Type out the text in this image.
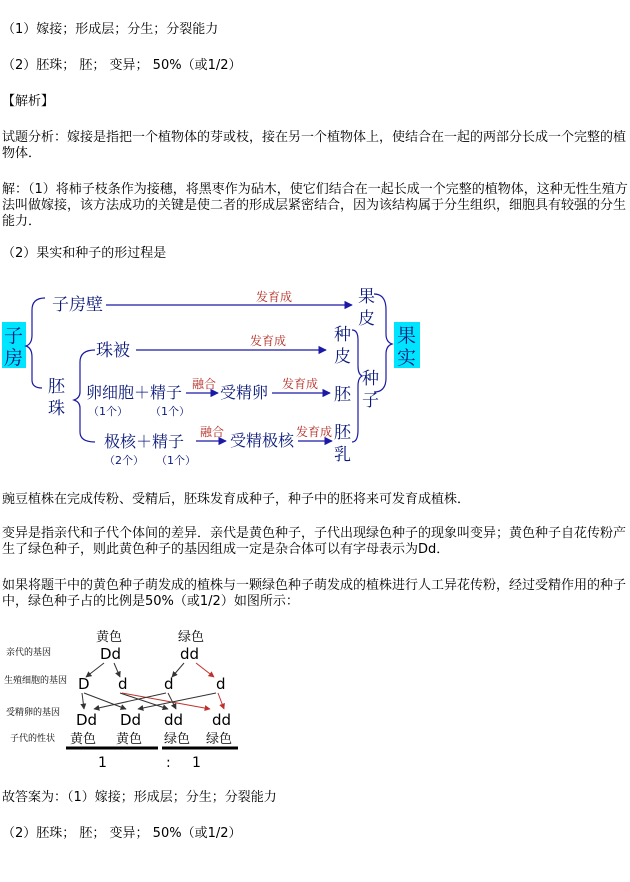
（1）嫁接；形成层；分生；分裂能力
（2）胚珠； 胚； 变异； 50%（或1/2）
【解析】
试题分析：嫁接是指把一个植物体的芽或枝，接在另一个植物体上，使结合在一起的两部分长成一个完整的植物体．
解：（1）将柿子枝条作为接穗，将黑枣作为砧木，使它们结合在一起长成一个完整的植物体，这种无性生殖方法叫做嫁接，该方法成功的关键是使二者的形成层紧密结合，因为该结构属于分生组织，细胞具有较强的分生能力．
（2）果实和种子的形过程是
子
房
子房壁	发育成	果
皮
胚
珠
珠被	发育成	种
皮
果
实
卵细胞＋精子
（1个） （1个）
融合 受精卵 发育成
胚
种
子
极核＋精子
（2个） （1个）
融合 受精极核 发育成 胚
乳
豌豆植株在完成传粉、受精后，胚珠发育成种子，种子中的胚将来可发育成植株．
变异是指亲代和子代个体间的差异．亲代是黄色种子，子代出现绿色种子的现象叫变异；黄色种子自花传粉产生了绿色种子，则此黄色种子的基因组成一定是杂合体可以有字母表示为Dd．
如果将题干中的黄色种子萌发成的植株与一颗绿色种子萌发成的植株进行人工异花传粉，经过受精作用的种子中，绿色种子占的比例是50%（或1/2）如图所示：
亲代的基因
生殖细胞的基因
受精卵的基因
子代的性状
黄色
Dd
绿色
dd
D d d	d
Dd Dd dd dd
黄色 黄色 绿色 绿色
1	: 1
故答案为：（1）嫁接；形成层；分生；分裂能力
（2）胚珠； 胚； 变异； 50%（或1/2）
